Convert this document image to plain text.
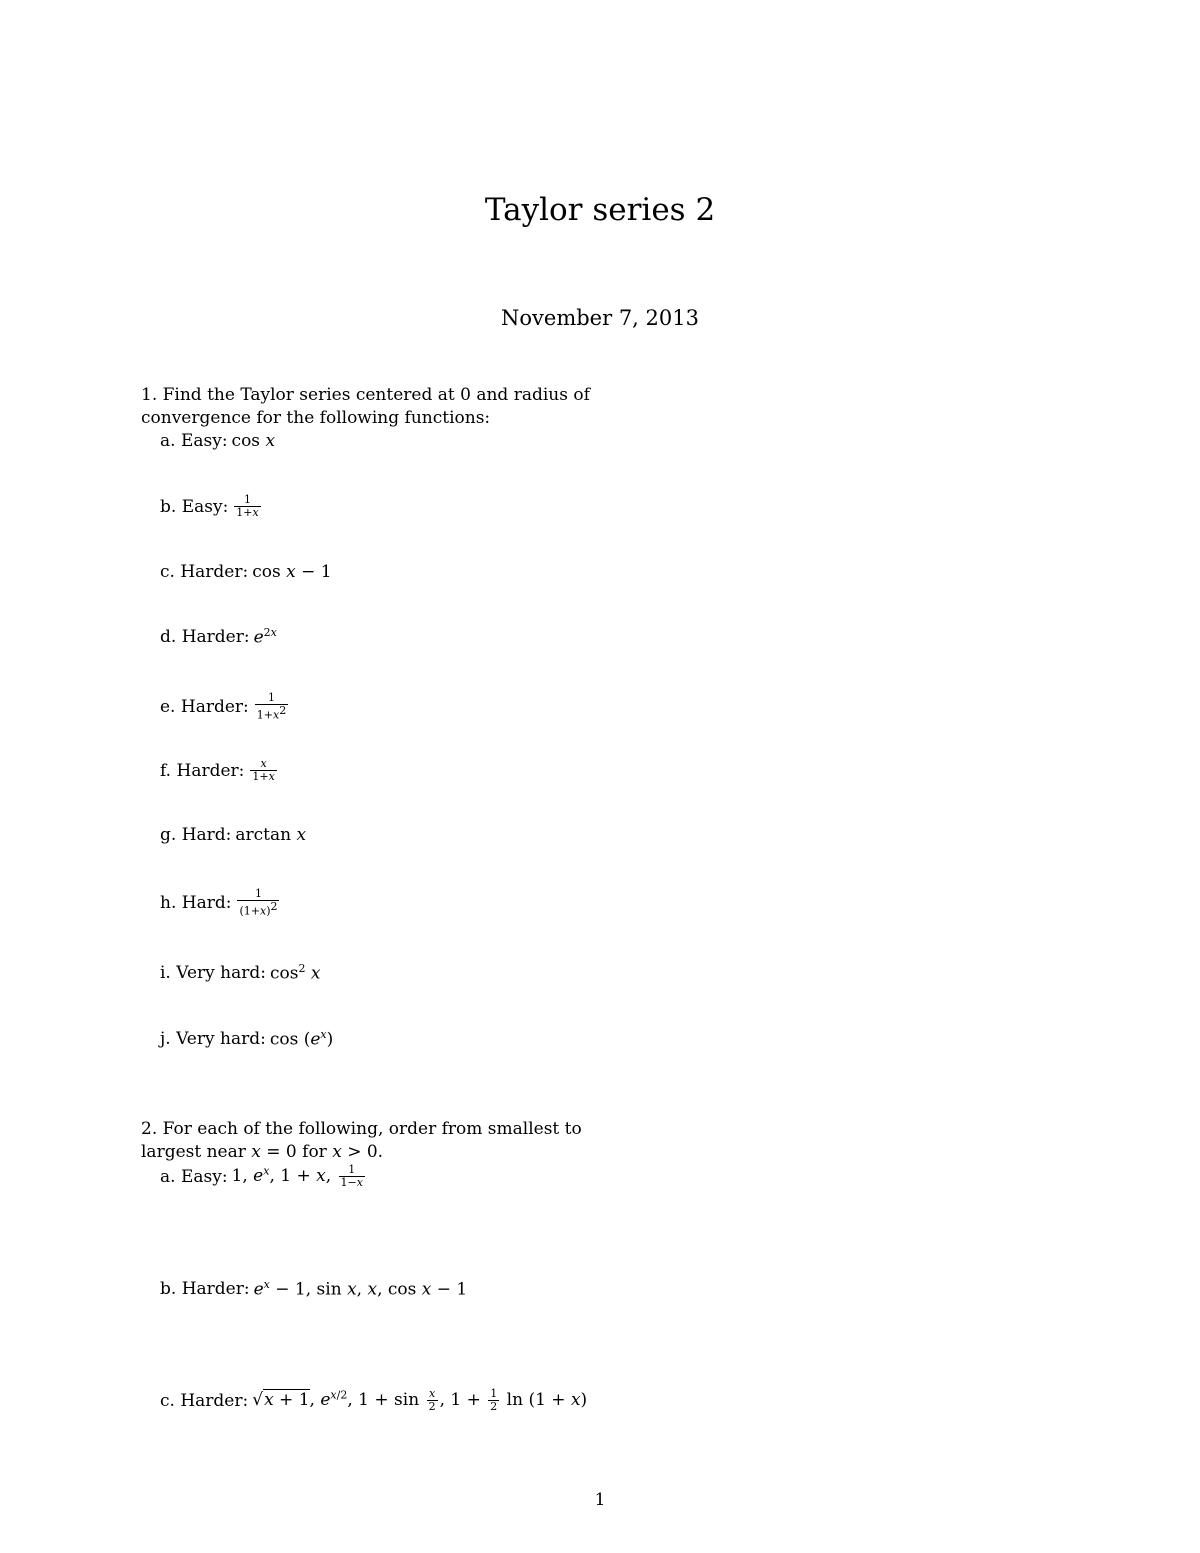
Taylor series 2
November 7, 2013
1. Find the Taylor series centered at 0 and radius of
convergence for the following functions:
a. Easy: cos x
b. Easy: $\frac{1}{1+x}$
c. Harder: cos x − 1
d. Harder: $e^{2x}$
e. Harder: $\frac{1}{1+x^2}$
f. Harder: $\frac{x}{1+x}$
g. Hard: arctan x
h. Hard: $\frac{1}{(1+x)^2}$
i. Very hard: $\cos^2 x$
j. Very hard: $\cos (e^x)$
2. For each of the following, order from smallest to
largest near x = 0 for x > 0.
a. Easy: 1, $e^x$, 1 + x, $\frac{1}{1-x}$
b. Harder: $e^x - 1$, sin x, x, cos x − 1
c. Harder: √x + 1, $e^{x/2}$, $1 + \sin \frac{x}{2}$ , $1 + \frac{1}{2}$ ln (1 + x)
1
